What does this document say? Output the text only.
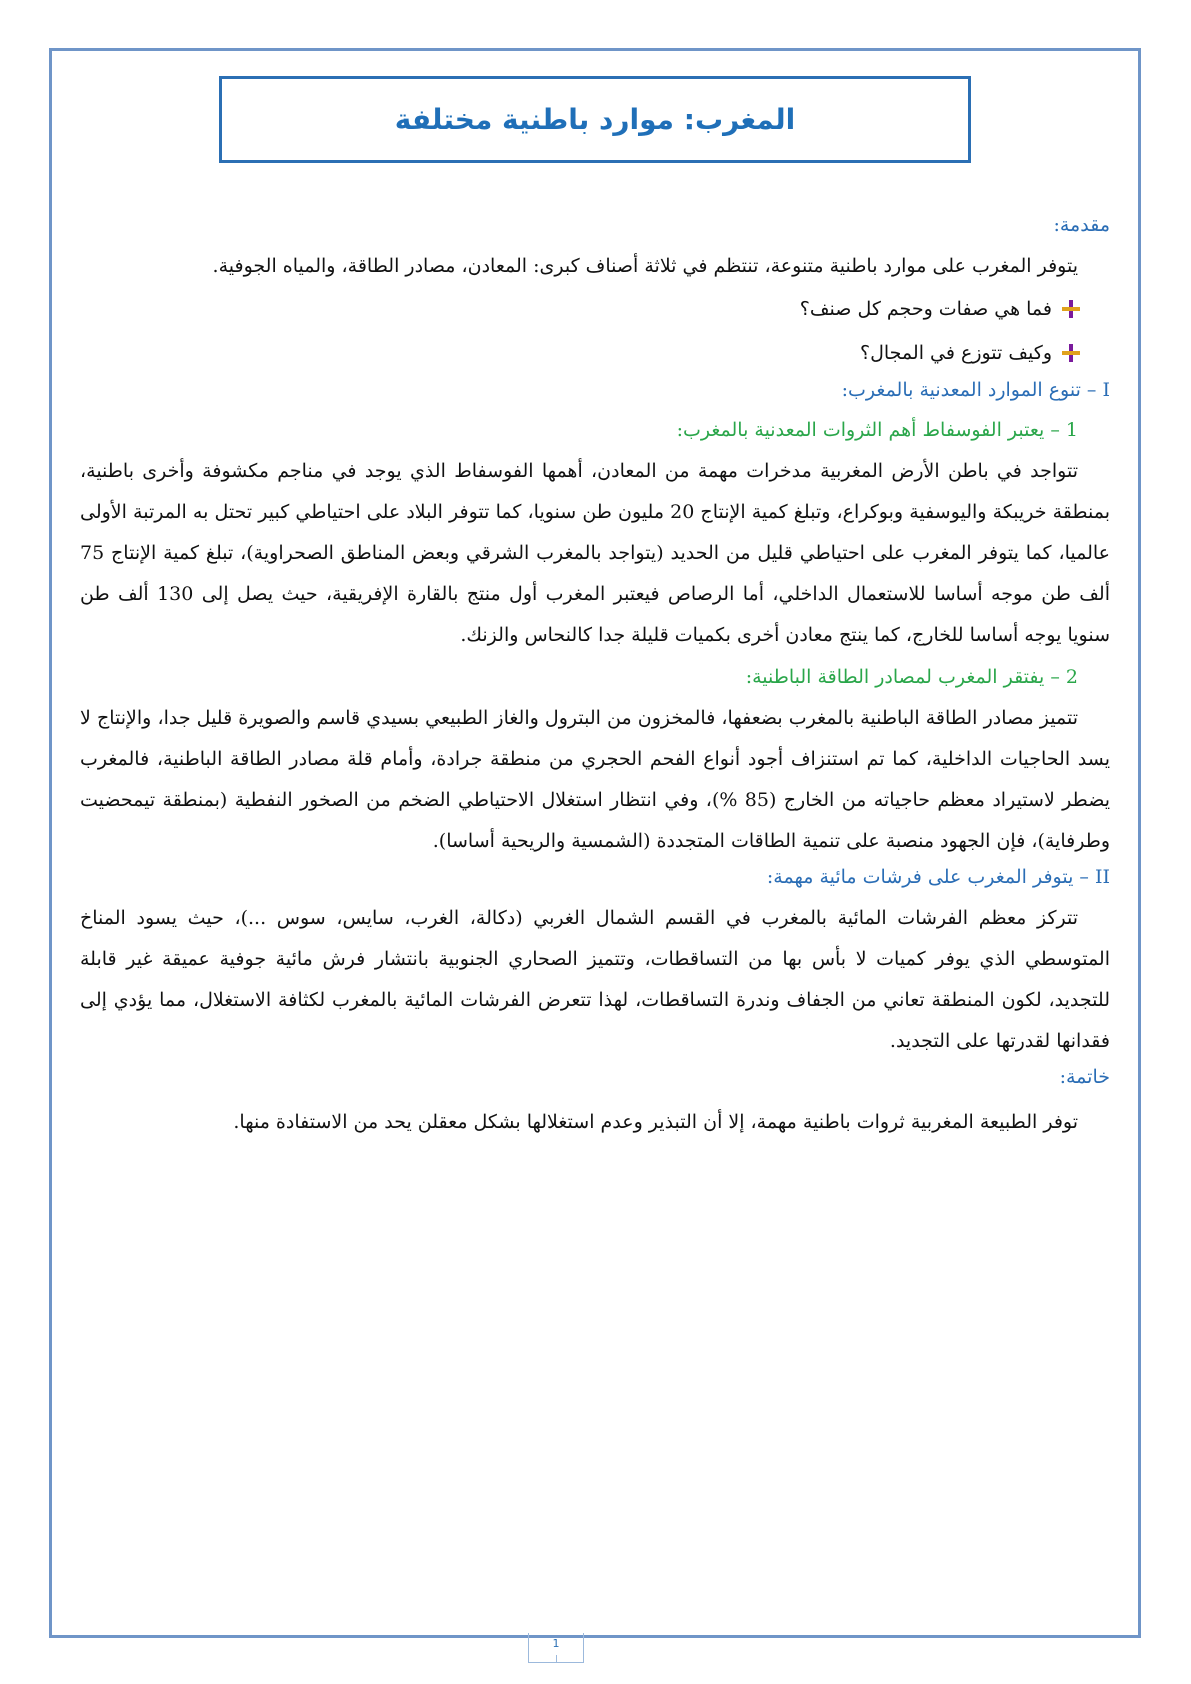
المغرب: موارد باطنية مختلفة

مقدمة:

يتوفر المغرب على موارد باطنية متنوعة، تنتظم في ثلاثة أصناف كبرى: المعادن، مصادر الطاقة، والمياه الجوفية.

فما هي صفات وحجم كل صنف؟

وكيف تتوزع في المجال؟

I – تنوع الموارد المعدنية بالمغرب:

1 – يعتبر الفوسفاط أهم الثروات المعدنية بالمغرب:

تتواجد في باطن الأرض المغربية مدخرات مهمة من المعادن، أهمها الفوسفاط الذي يوجد في مناجم مكشوفة وأخرى باطنية، بمنطقة خريبكة واليوسفية وبوكراع، وتبلغ كمية الإنتاج 20 مليون طن سنويا، كما تتوفر البلاد على احتياطي كبير تحتل به المرتبة الأولى عالميا، كما يتوفر المغرب على احتياطي قليل من الحديد (يتواجد بالمغرب الشرقي وبعض المناطق الصحراوية)، تبلغ كمية الإنتاج 75 ألف طن موجه أساسا للاستعمال الداخلي، أما الرصاص فيعتبر المغرب أول منتج بالقارة الإفريقية، حيث يصل إلى 130 ألف طن سنويا يوجه أساسا للخارج، كما ينتج معادن أخرى بكميات قليلة جدا كالنحاس والزنك.

2 – يفتقر المغرب لمصادر الطاقة الباطنية:

تتميز مصادر الطاقة الباطنية بالمغرب بضعفها، فالمخزون من البترول والغاز الطبيعي بسيدي قاسم والصويرة قليل جدا، والإنتاج لا يسد الحاجيات الداخلية، كما تم استنزاف أجود أنواع الفحم الحجري من منطقة جرادة، وأمام قلة مصادر الطاقة الباطنية، فالمغرب يضطر لاستيراد معظم حاجياته من الخارج (85 %)، وفي انتظار استغلال الاحتياطي الضخم من الصخور النفطية (بمنطقة تيمحضيت وطرفاية)، فإن الجهود منصبة على تنمية الطاقات المتجددة (الشمسية والريحية أساسا).

II – يتوفر المغرب على فرشات مائية مهمة:

تتركز معظم الفرشات المائية بالمغرب في القسم الشمال الغربي (دكالة، الغرب، سايس، سوس ...)، حيث يسود المناخ المتوسطي الذي يوفر كميات لا بأس بها من التساقطات، وتتميز الصحاري الجنوبية بانتشار فرش مائية جوفية عميقة غير قابلة للتجديد، لكون المنطقة تعاني من الجفاف وندرة التساقطات، لهذا تتعرض الفرشات المائية بالمغرب لكثافة الاستغلال، مما يؤدي إلى فقدانها لقدرتها على التجديد.

خاتمة:

توفر الطبيعة المغربية ثروات باطنية مهمة، إلا أن التبذير وعدم استغلالها بشكل معقلن يحد من الاستفادة منها.

1
